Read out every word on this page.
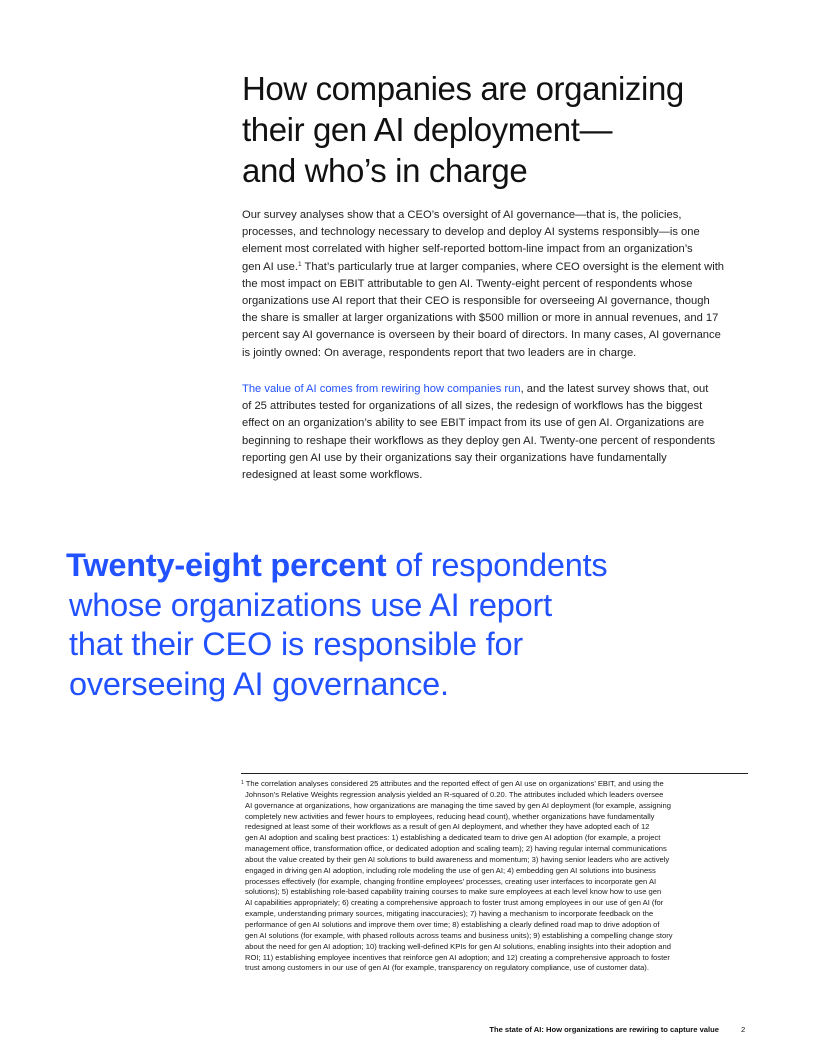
How companies are organizing
their gen AI deployment—
and who’s in charge
Our survey analyses show that a CEO’s oversight of AI governance—that is, the policies,
processes, and technology necessary to develop and deploy AI systems responsibly—is one
element most correlated with higher self-reported bottom-line impact from an organization’s
gen AI use.$^1$ That’s particularly true at larger companies, where CEO oversight is the element with
the most impact on EBIT attributable to gen AI. Twenty-eight percent of respondents whose
organizations use AI report that their CEO is responsible for overseeing AI governance, though
the share is smaller at larger organizations with $500 million or more in annual revenues, and 17
percent say AI governance is overseen by their board of directors. In many cases, AI governance
is jointly owned: On average, respondents report that two leaders are in charge.
The value of AI comes from rewiring how companies run, and the latest survey shows that, out
of 25 attributes tested for organizations of all sizes, the redesign of workflows has the biggest
effect on an organization’s ability to see EBIT impact from its use of gen AI. Organizations are
beginning to reshape their workflows as they deploy gen AI. Twenty-one percent of respondents
reporting gen AI use by their organizations say their organizations have fundamentally
redesigned at least some workflows.
Twenty-eight percent of respondents
whose organizations use AI report
that their CEO is responsible for
overseeing AI governance.
$^1$ The correlation analyses considered 25 attributes and the reported effect of gen AI use on organizations’ EBIT, and using the
Johnson’s Relative Weights regression analysis yielded an R-squared of 0.20. The attributes included which leaders oversee
AI governance at organizations, how organizations are managing the time saved by gen AI deployment (for example, assigning
completely new activities and fewer hours to employees, reducing head count), whether organizations have fundamentally
redesigned at least some of their workflows as a result of gen AI deployment, and whether they have adopted each of 12
gen AI adoption and scaling best practices: 1) establishing a dedicated team to drive gen AI adoption (for example, a project
management office, transformation office, or dedicated adoption and scaling team); 2) having regular internal communications
about the value created by their gen AI solutions to build awareness and momentum; 3) having senior leaders who are actively
engaged in driving gen AI adoption, including role modeling the use of gen AI; 4) embedding gen AI solutions into business
processes effectively (for example, changing frontline employees’ processes, creating user interfaces to incorporate gen AI
solutions); 5) establishing role-based capability training courses to make sure employees at each level know how to use gen
AI capabilities appropriately; 6) creating a comprehensive approach to foster trust among employees in our use of gen AI (for
example, understanding primary sources, mitigating inaccuracies); 7) having a mechanism to incorporate feedback on the
performance of gen AI solutions and improve them over time; 8) establishing a clearly defined road map to drive adoption of
gen AI solutions (for example, with phased rollouts across teams and business units); 9) establishing a compelling change story
about the need for gen AI adoption; 10) tracking well-defined KPIs for gen AI solutions, enabling insights into their adoption and
ROI; 11) establishing employee incentives that reinforce gen AI adoption; and 12) creating a comprehensive approach to foster
trust among customers in our use of gen AI (for example, transparency on regulatory compliance, use of customer data).
The state of AI: How organizations are rewiring to capture value	2
